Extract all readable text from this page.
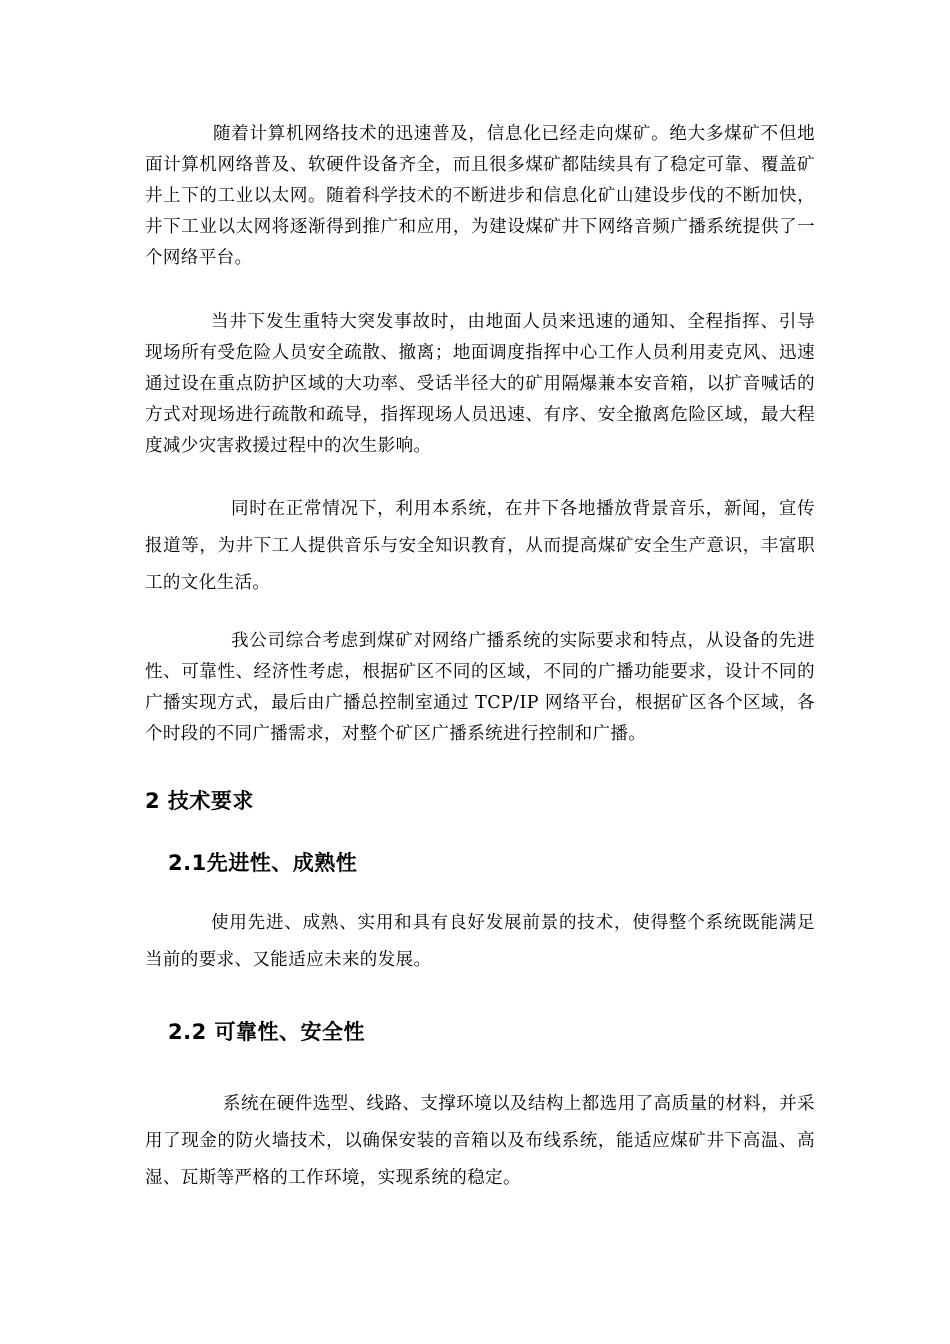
随着计算机网络技术的迅速普及，信息化已经走向煤矿。绝大多煤矿不但地面计算机网络普及、软硬件设备齐全，而且很多煤矿都陆续具有了稳定可靠、覆盖矿井上下的工业以太网。随着科学技术的不断进步和信息化矿山建设步伐的不断加快，井下工业以太网将逐渐得到推广和应用，为建设煤矿井下网络音频广播系统提供了一个网络平台。

当井下发生重特大突发事故时，由地面人员来迅速的通知、全程指挥、引导现场所有受危险人员安全疏散、撤离；地面调度指挥中心工作人员利用麦克风、迅速通过设在重点防护区域的大功率、受话半径大的矿用隔爆兼本安音箱，以扩音喊话的方式对现场进行疏散和疏导，指挥现场人员迅速、有序、安全撤离危险区域，最大程度减少灾害救援过程中的次生影响。

同时在正常情况下，利用本系统，在井下各地播放背景音乐，新闻，宣传报道等，为井下工人提供音乐与安全知识教育，从而提高煤矿安全生产意识，丰富职工的文化生活。

我公司综合考虑到煤矿对网络广播系统的实际要求和特点，从设备的先进性、可靠性、经济性考虑，根据矿区不同的区域，不同的广播功能要求，设计不同的广播实现方式，最后由广播总控制室通过 TCP/IP 网络平台，根据矿区各个区域，各个时段的不同广播需求，对整个矿区广播系统进行控制和广播。

2 技术要求
2.1先进性、成熟性

使用先进、成熟、实用和具有良好发展前景的技术，使得整个系统既能满足当前的要求、又能适应未来的发展。

2.2 可靠性、安全性

系统在硬件选型、线路、支撑环境以及结构上都选用了高质量的材料，并采用了现金的防火墙技术，以确保安装的音箱以及布线系统，能适应煤矿井下高温、高湿、瓦斯等严格的工作环境，实现系统的稳定。
